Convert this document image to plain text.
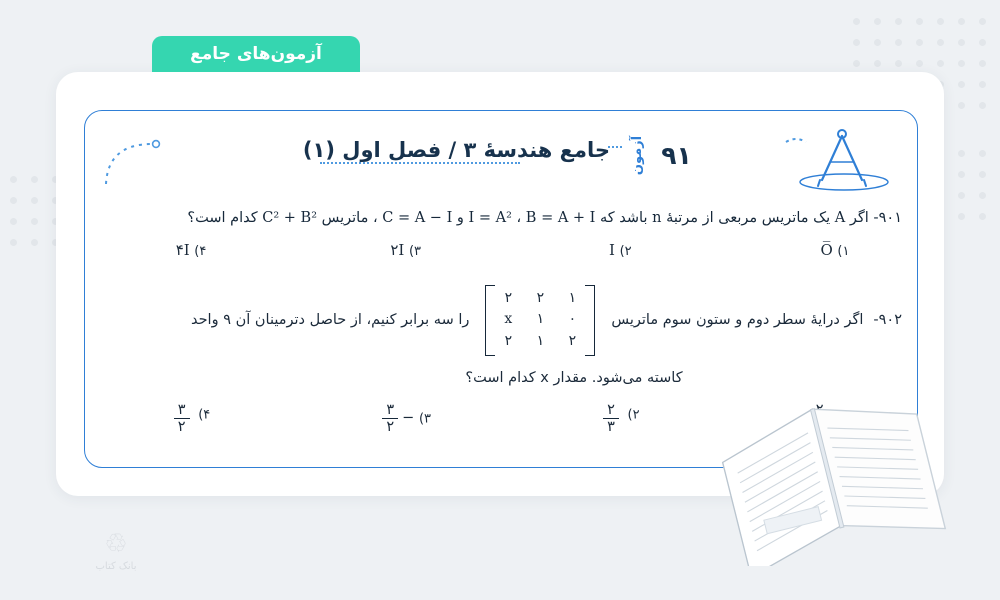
آزمون‌های جامع
۹۱
آزمون
جامع هندسۀ ۳ / فصل اول (۱)
۹۰۱- اگر A یک ماتریس مربعی از مرتبۀ n باشد که I = A² ، B = A + I و C = A − I ، ماتریس C² + B² کدام است؟
۱) O̅
۲) I
۳) ۲I
۴) ۴I
۹۰۲-
اگر درایۀ سطر دوم و ستون سوم ماتریس
۲ ۲ ۱
x ۱ ۰
۲ ۱ ۲
را سه برابر کنیم، از حاصل دترمینان آن ۹ واحد
کاسته می‌شود. مقدار x کدام است؟
۲)
$\frac{۲}{۳}$
۳)
−
$\frac{۳}{۲}$
۴)
$\frac{۳}{۲}$
♲
بانک کتاب
